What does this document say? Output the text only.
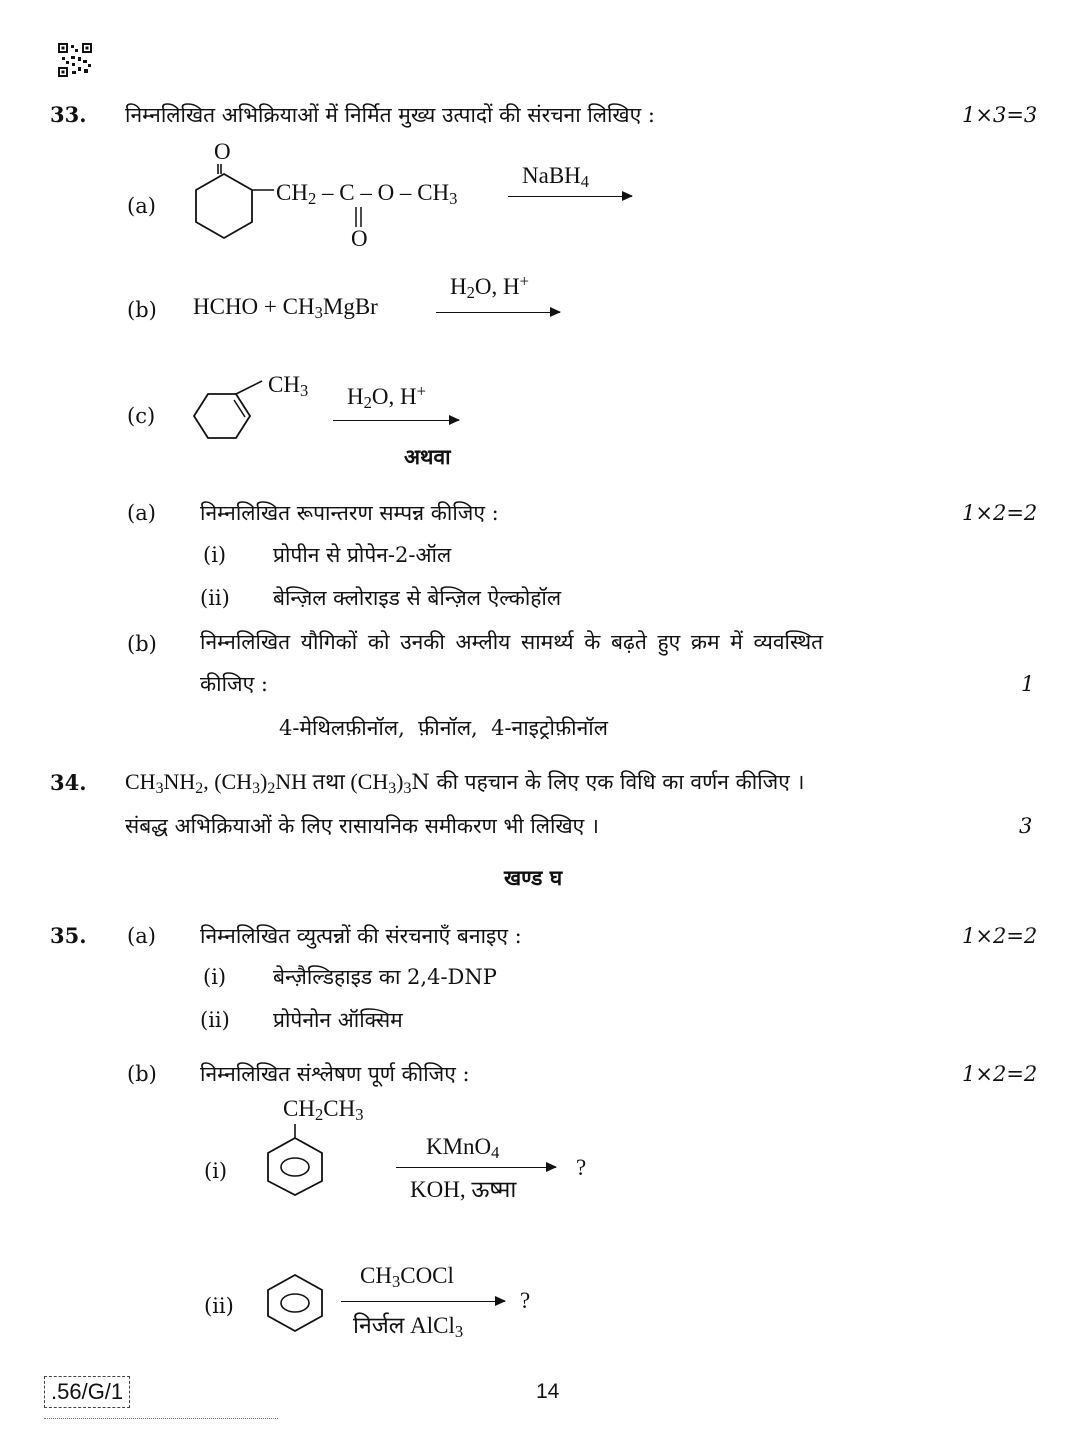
33. निम्नलिखित अभिक्रियाओं में निर्मित मुख्य उत्पादों की संरचना लिखिए :	1×3=3
(a)
O
$CH_2$ – C – O – $CH_3$
O
NaBH$_4$
(b) HCHO + $CH_3MgBr$
$H_2O$, H+
(c)
$CH_3$ $H_2O$, H+
अथवा
(a) निम्नलिखित रूपान्तरण सम्पन्न कीजिए :	1×2=2
(i) प्रोपीन से प्रोपेन-2-ऑल
(ii) बेन्ज़िल क्लोराइड से बेन्ज़िल ऐल्कोहॉल
(b) निम्नलिखित यौगिकों को उनकी अम्लीय सामर्थ्य के बढ़ते हुए क्रम में व्यवस्थित
कीजिए :	1
4-मेथिलफ़ीनॉल,  फ़ीनॉल,  4-नाइट्रोफ़ीनॉल
34. $CH_3NH_2$, $(CH_3)_2NH$ तथा $(CH_3)_3N$ की पहचान के लिए एक विधि का वर्णन कीजिए ।
संबद्ध अभिक्रियाओं के लिए रासायनिक समीकरण भी लिखिए ।	3
खण्ड घ
35. (a) निम्नलिखित व्युत्पन्नों की संरचनाएँ बनाइए :	1×2=2
(i) बेन्ज़ैल्डिहाइड का 2,4-DNP
(ii) प्रोपेनोन ऑक्सिम
(b) निम्नलिखित संश्लेषण पूर्ण कीजिए :	1×2=2
(i)
$CH_2CH_3$
KMnO$_4$
KOH, ऊष्मा
?
(ii)
$CH_3COCl$
निर्जल AlCl$_3$
?
.56/G/1	14
